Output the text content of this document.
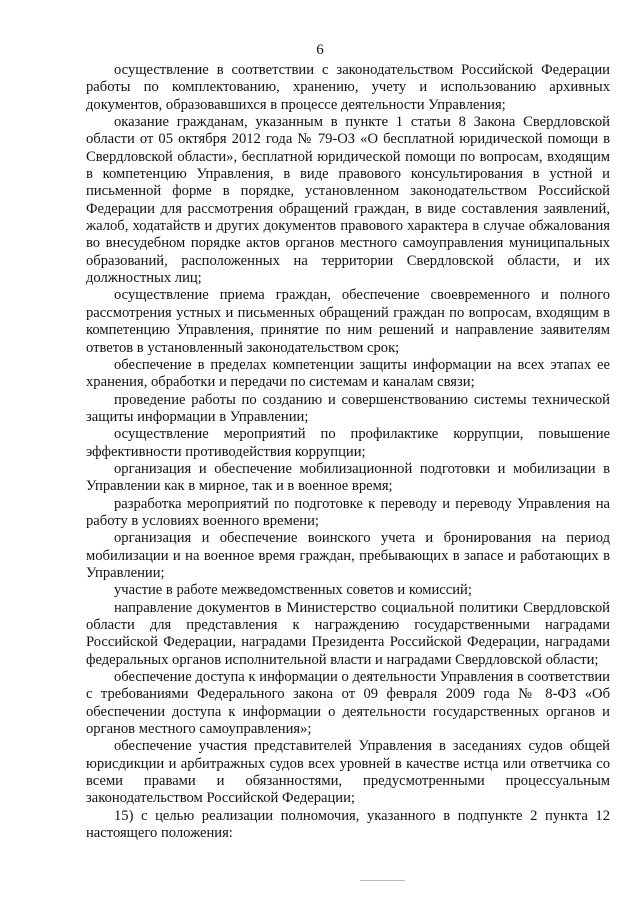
6

осуществление в соответствии с законодательством Российской Федерации работы по комплектованию, хранению, учету и использованию архивных документов, образовавшихся в процессе деятельности Управления;

оказание гражданам, указанным в пункте 1 статьи 8 Закона Свердловской области от 05 октября 2012 года № 79-ОЗ «О бесплатной юридической помощи в Свердловской области», бесплатной юридической помощи по вопросам, входящим в компетенцию Управления, в виде правового консультирования в устной и письменной форме в порядке, установленном законодательством Российской Федерации для рассмотрения обращений граждан, в виде составления заявлений, жалоб, ходатайств и других документов правового характера в случае обжалования во внесудебном порядке актов органов местного самоуправления муниципальных образований, расположенных на территории Свердловской области, и их должностных лиц;

осуществление приема граждан, обеспечение своевременного и полного рассмотрения устных и письменных обращений граждан по вопросам, входящим в компетенцию Управления, принятие по ним решений и направление заявителям ответов в установленный законодательством срок;

обеспечение в пределах компетенции защиты информации на всех этапах ее хранения, обработки и передачи по системам и каналам связи;

проведение работы по созданию и совершенствованию системы технической защиты информации в Управлении;

осуществление мероприятий по профилактике коррупции, повышение эффективности противодействия коррупции;

организация и обеспечение мобилизационной подготовки и мобилизации в Управлении как в мирное, так и в военное время;

разработка мероприятий по подготовке к переводу и переводу Управления на работу в условиях военного времени;

организация и обеспечение воинского учета и бронирования на период мобилизации и на военное время граждан, пребывающих в запасе и работающих в Управлении;

участие в работе межведомственных советов и комиссий;

направление документов в Министерство социальной политики Свердловской области для представления к награждению государственными наградами Российской Федерации, наградами Президента Российской Федерации, наградами федеральных органов исполнительной власти и наградами Свердловской области;

обеспечение доступа к информации о деятельности Управления в соответствии с требованиями Федерального закона от 09 февраля 2009 года № 8-ФЗ «Об обеспечении доступа к информации о деятельности государственных органов и органов местного самоуправления»;

обеспечение участия представителей Управления в заседаниях судов общей юрисдикции и арбитражных судов всех уровней в качестве истца или ответчика со всеми правами и обязанностями, предусмотренными процессуальным законодательством Российской Федерации;

15) с целью реализации полномочия, указанного в подпункте 2 пункта 12 настоящего положения:
